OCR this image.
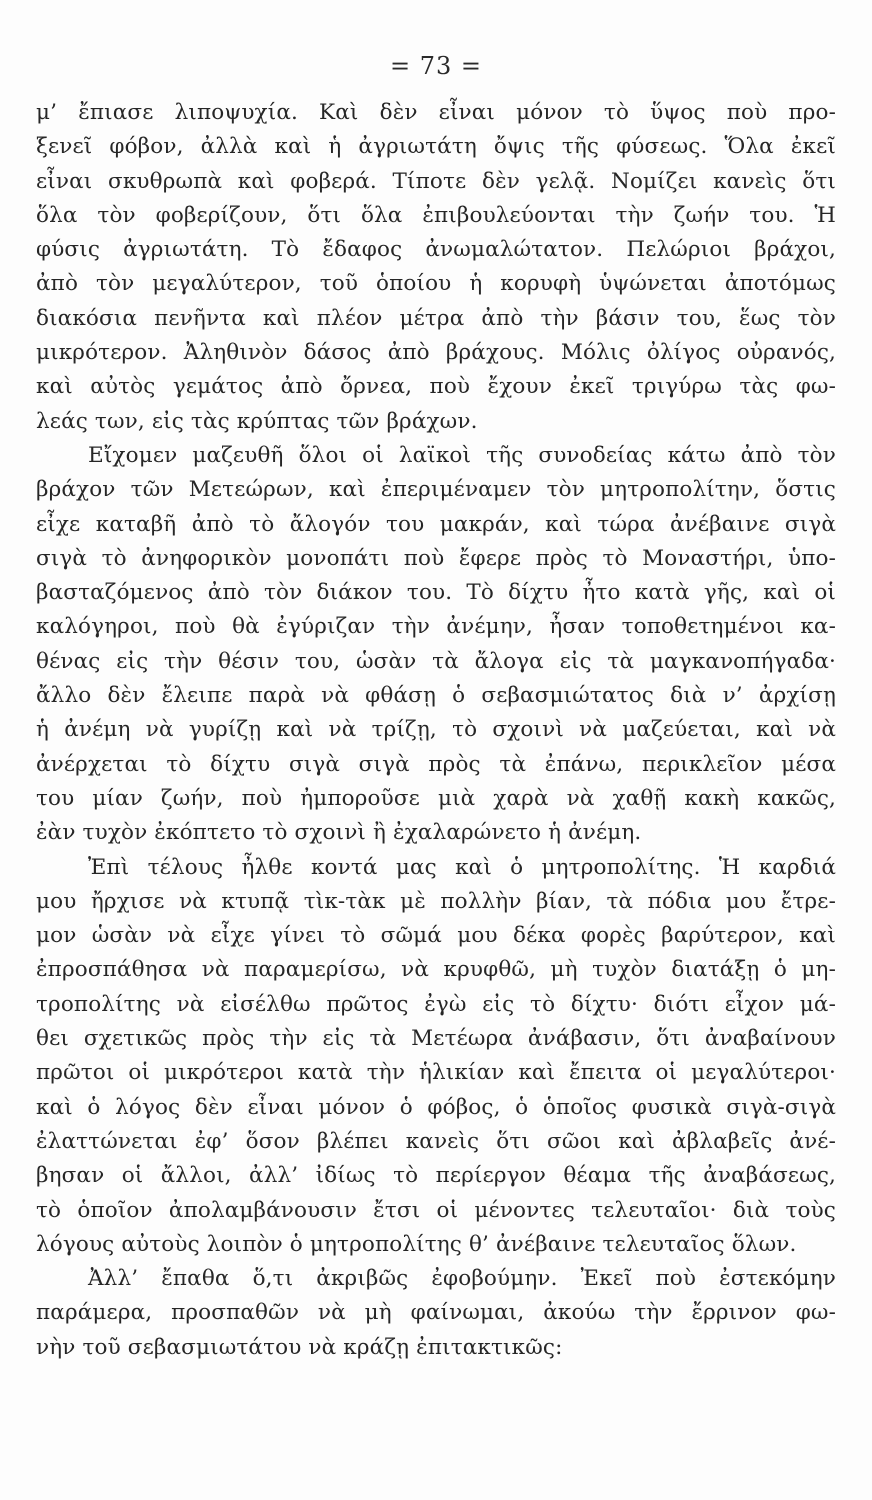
= 73 =
μ’ ἔπιασε λιποψυχία. Καὶ δὲν εἶναι μόνον τὸ ὕψος ποὺ προ-
ξενεῖ φόβον, ἀλλὰ καὶ ἡ ἀγριωτάτη ὄψις τῆς φύσεως. Ὅλα ἐκεῖ
εἶναι σκυθρωπὰ καὶ φοβερά. Τίποτε δὲν γελᾷ. Νομίζει κανεὶς ὅτι
ὅλα τὸν φοβερίζουν, ὅτι ὅλα ἐπιβουλεύονται τὴν ζωήν του. Ἡ
φύσις ἀγριωτάτη. Τὸ ἔδαφος ἀνωμαλώτατον. Πελώριοι βράχοι,
ἀπὸ τὸν μεγαλύτερον, τοῦ ὁποίου ἡ κορυφὴ ὑψώνεται ἀποτόμως
διακόσια πενῆντα καὶ πλέον μέτρα ἀπὸ τὴν βάσιν του, ἕως τὸν
μικρότερον. Ἀληθινὸν δάσος ἀπὸ βράχους. Μόλις ὀλίγος οὐρανός,
καὶ αὐτὸς γεμάτος ἀπὸ ὄρνεα, ποὺ ἔχουν ἐκεῖ τριγύρω τὰς φω-
λεάς των, εἰς τὰς κρύπτας τῶν βράχων.
Εἴχομεν μαζευθῆ ὅλοι οἱ λαϊκοὶ τῆς συνοδείας κάτω ἀπὸ τὸν
βράχον τῶν Μετεώρων, καὶ ἐπεριμέναμεν τὸν μητροπολίτην, ὅστις
εἶχε καταβῆ ἀπὸ τὸ ἄλογόν του μακράν, καὶ τώρα ἀνέβαινε σιγὰ
σιγὰ τὸ ἀνηφορικὸν μονοπάτι ποὺ ἔφερε πρὸς τὸ Μοναστήρι, ὑπο-
βασταζόμενος ἀπὸ τὸν διάκον του. Τὸ δίχτυ ἦτο κατὰ γῆς, καὶ οἱ
καλόγηροι, ποὺ θὰ ἐγύριζαν τὴν ἀνέμην, ἦσαν τοποθετημένοι κα-
θένας εἰς τὴν θέσιν του, ὡσὰν τὰ ἄλογα εἰς τὰ μαγκανοπήγαδα·
ἄλλο δὲν ἔλειπε παρὰ νὰ φθάσῃ ὁ σεβασμιώτατος διὰ ν’ ἀρχίσῃ
ἡ ἀνέμη νὰ γυρίζῃ καὶ νὰ τρίζῃ, τὸ σχοινὶ νὰ μαζεύεται, καὶ νὰ
ἀνέρχεται τὸ δίχτυ σιγὰ σιγὰ πρὸς τὰ ἐπάνω, περικλεῖον μέσα
του μίαν ζωήν, ποὺ ἠμποροῦσε μιὰ χαρὰ νὰ χαθῇ κακὴ κακῶς,
ἐὰν τυχὸν ἐκόπτετο τὸ σχοινὶ ἢ ἐχαλαρώνετο ἡ ἀνέμη.
Ἐπὶ τέλους ἦλθε κοντά μας καὶ ὁ μητροπολίτης. Ἡ καρδιά
μου ἤρχισε νὰ κτυπᾷ τὶκ-τὰκ μὲ πολλὴν βίαν, τὰ πόδια μου ἔτρε-
μον ὡσὰν νὰ εἶχε γίνει τὸ σῶμά μου δέκα φορὲς βαρύτερον, καὶ
ἐπροσπάθησα νὰ παραμερίσω, νὰ κρυφθῶ, μὴ τυχὸν διατάξῃ ὁ μη-
τροπολίτης νὰ εἰσέλθω πρῶτος ἐγὼ εἰς τὸ δίχτυ· διότι εἶχον μά-
θει σχετικῶς πρὸς τὴν εἰς τὰ Μετέωρα ἀνάβασιν, ὅτι ἀναβαίνουν
πρῶτοι οἱ μικρότεροι κατὰ τὴν ἡλικίαν καὶ ἔπειτα οἱ μεγαλύτεροι·
καὶ ὁ λόγος δὲν εἶναι μόνον ὁ φόβος, ὁ ὁποῖος φυσικὰ σιγὰ-σιγὰ
ἐλαττώνεται ἐφ’ ὅσον βλέπει κανεὶς ὅτι σῶοι καὶ ἀβλαβεῖς ἀνέ-
βησαν οἱ ἄλλοι, ἀλλ’ ἰδίως τὸ περίεργον θέαμα τῆς ἀναβάσεως,
τὸ ὁποῖον ἀπολαμβάνουσιν ἔτσι οἱ μένοντες τελευταῖοι· διὰ τοὺς
λόγους αὐτοὺς λοιπὸν ὁ μητροπολίτης θ’ ἀνέβαινε τελευταῖος ὅλων.
Ἀλλ’ ἔπαθα ὅ,τι ἀκριβῶς ἐφοβούμην. Ἐκεῖ ποὺ ἐστεκόμην
παράμερα, προσπαθῶν νὰ μὴ φαίνωμαι, ἀκούω τὴν ἔρρινον φω-
νὴν τοῦ σεβασμιωτάτου νὰ κράζῃ ἐπιτακτικῶς:
